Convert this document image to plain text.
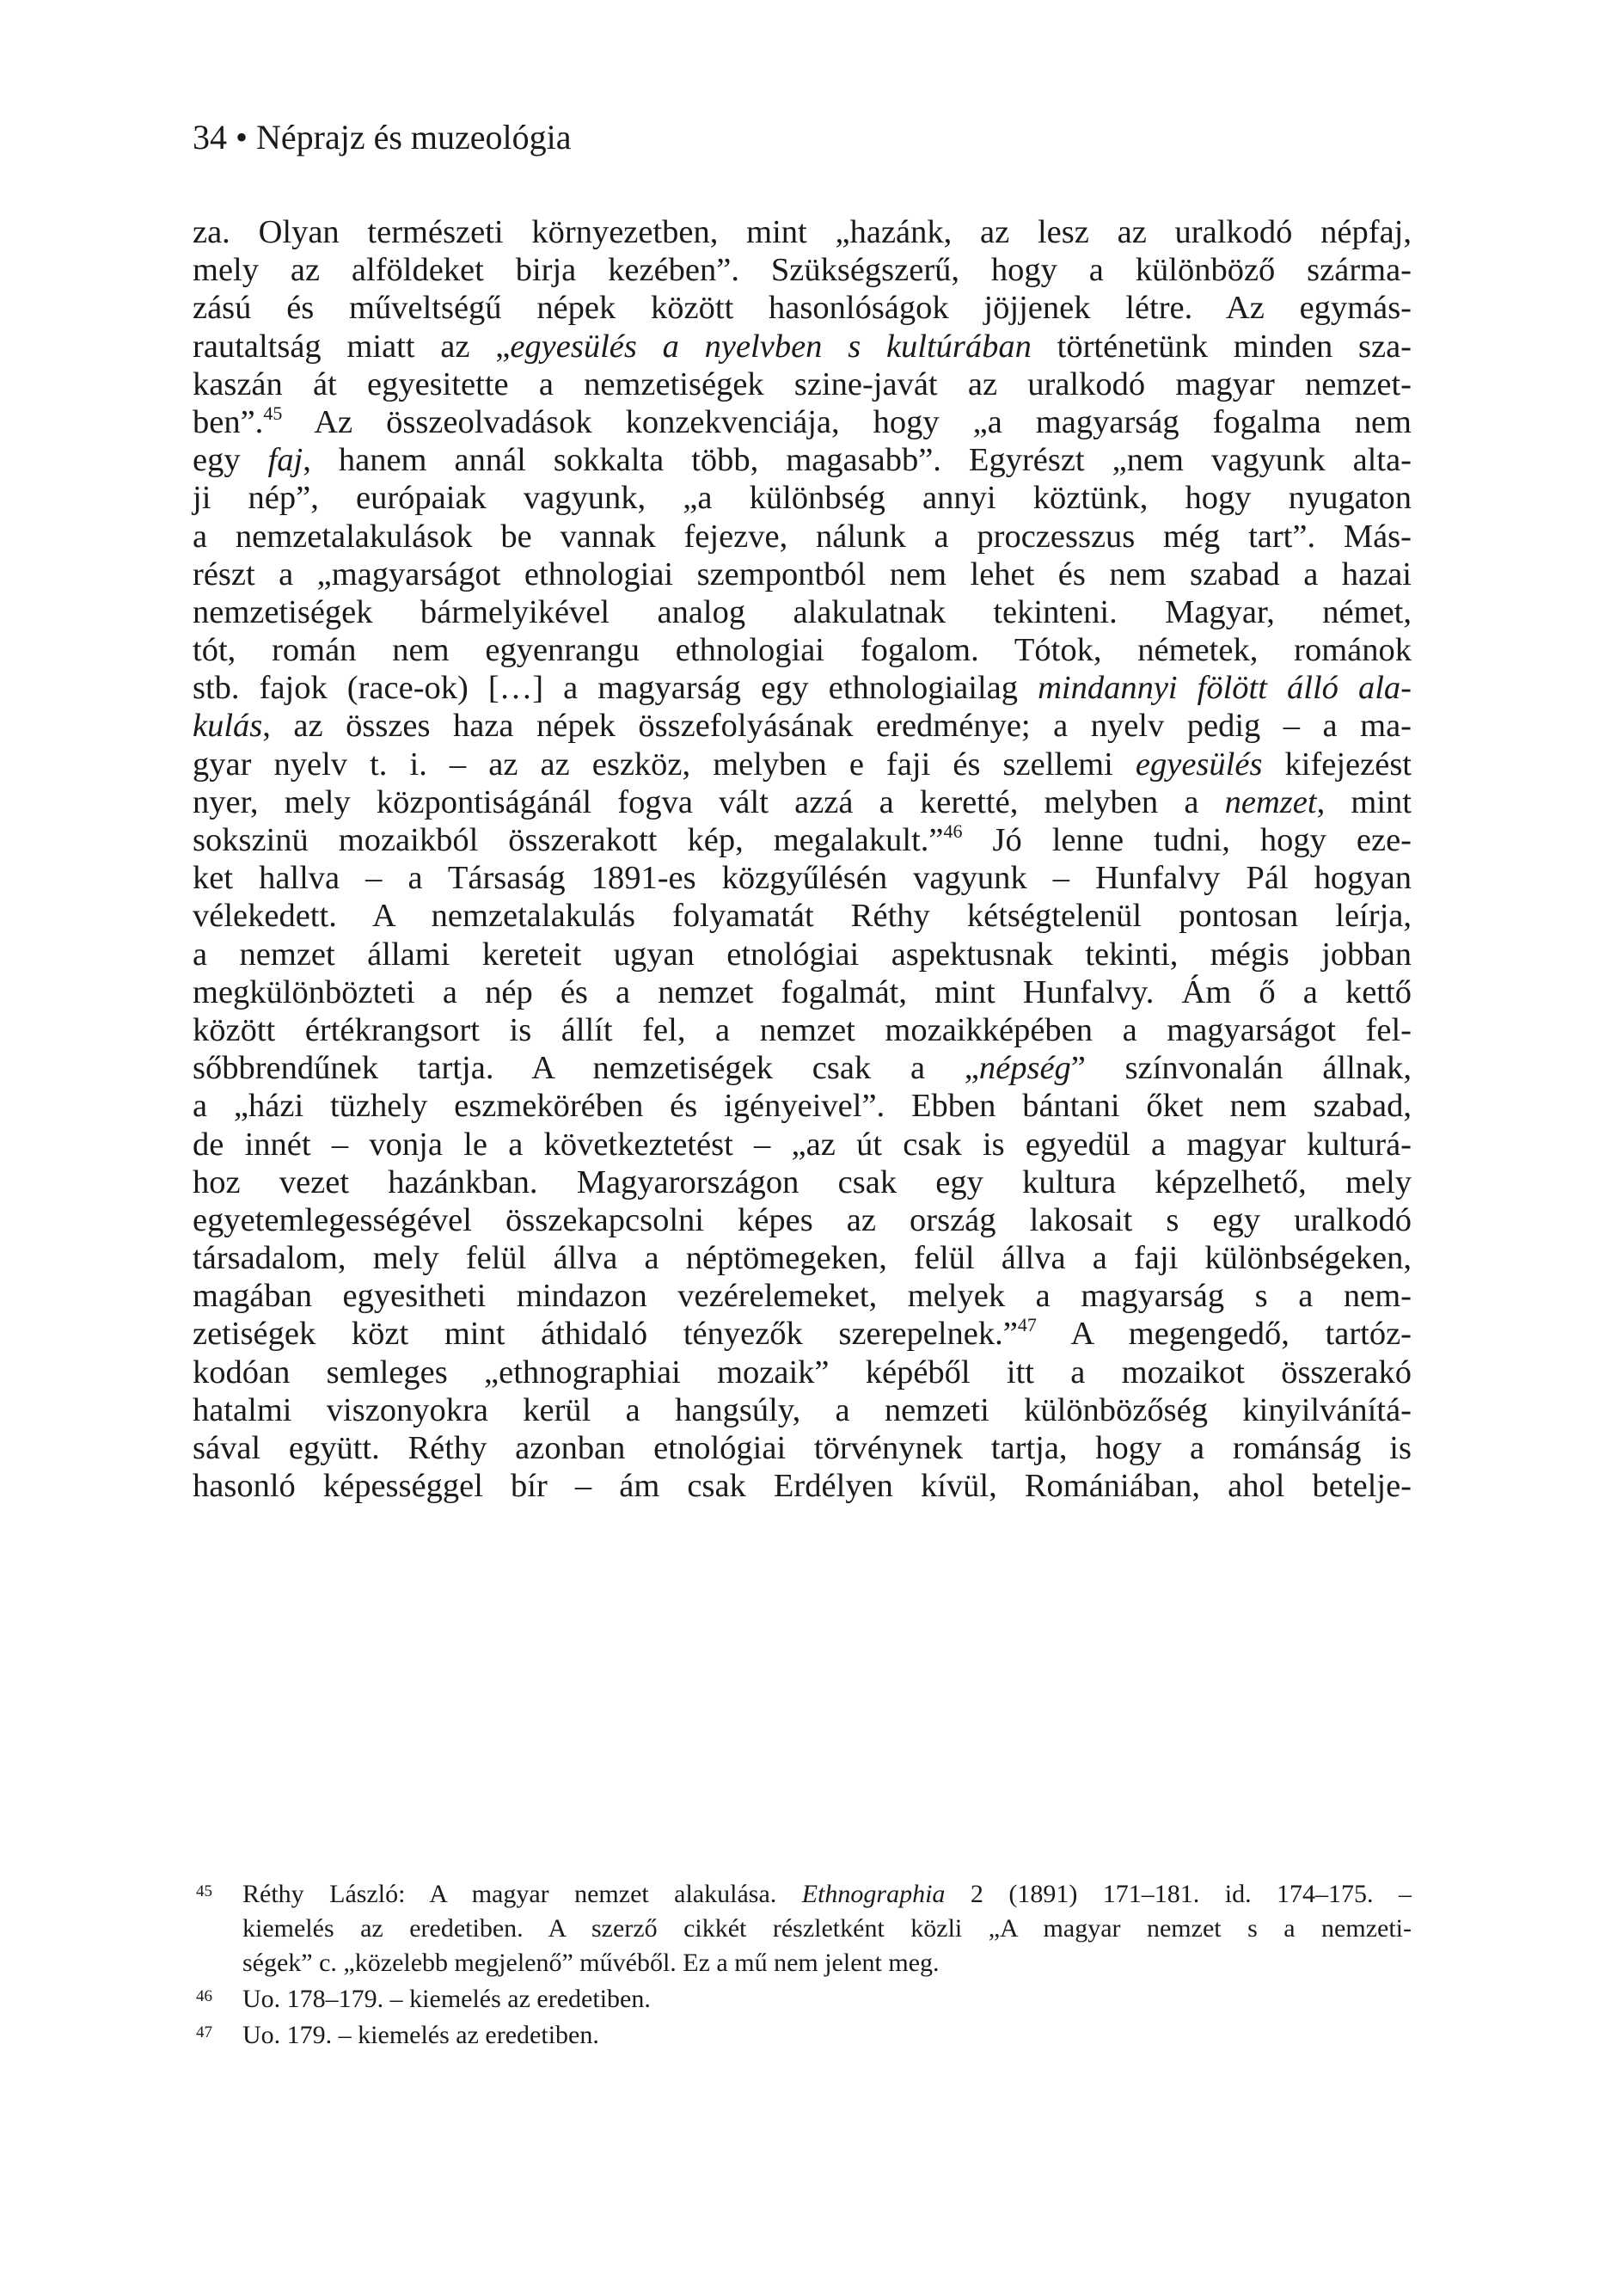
34 • Néprajz és muzeológia
za. Olyan természeti környezetben, mint „hazánk, az lesz az uralkodó népfaj,
mely az alföldeket birja kezében”. Szükségszerű, hogy a különböző szárma-
zású és műveltségű népek között hasonlóságok jöjjenek létre. Az egymás-
rautaltság miatt az „egyesülés a nyelvben s kultúrában történetünk minden sza-
kaszán át egyesitette a nemzetiségek szine-javát az uralkodó magyar nemzet-
ben”.$^{45}$ Az összeolvadások konzekvenciája, hogy „a magyarság fogalma nem
egy faj, hanem annál sokkalta több, magasabb”. Egyrészt „nem vagyunk alta-
ji nép”, európaiak vagyunk, „a különbség annyi köztünk, hogy nyugaton
a nemzetalakulások be vannak fejezve, nálunk a proczesszus még tart”. Más-
részt a „magyarságot ethnologiai szempontból nem lehet és nem szabad a hazai
nemzetiségek bármelyikével analog alakulatnak tekinteni. Magyar, német,
tót, román nem egyenrangu ethnologiai fogalom. Tótok, németek, románok
stb. fajok (race-ok) […] a magyarság egy ethnologiailag mindannyi fölött álló ala-
kulás, az összes haza népek összefolyásának eredménye; a nyelv pedig – a ma-
gyar nyelv t. i. – az az eszköz, melyben e faji és szellemi egyesülés kifejezést
nyer, mely központiságánál fogva vált azzá a keretté, melyben a nemzet, mint
sokszinü mozaikból összerakott kép, megalakult.”$^{46}$ Jó lenne tudni, hogy eze-
ket hallva – a Társaság 1891-es közgyűlésén vagyunk – Hunfalvy Pál hogyan
vélekedett. A nemzetalakulás folyamatát Réthy kétségtelenül pontosan leírja,
a nemzet állami kereteit ugyan etnológiai aspektusnak tekinti, mégis jobban
megkülönbözteti a nép és a nemzet fogalmát, mint Hunfalvy. Ám ő a kettő
között értékrangsort is állít fel, a nemzet mozaikképében a magyarságot fel-
sőbbrendűnek tartja. A nemzetiségek csak a „népség” színvonalán állnak,
a „házi tüzhely eszmekörében és igényeivel”. Ebben bántani őket nem szabad,
de innét – vonja le a következtetést – „az út csak is egyedül a magyar kulturá-
hoz vezet hazánkban. Magyarországon csak egy kultura képzelhető, mely
egyetemlegességével összekapcsolni képes az ország lakosait s egy uralkodó
társadalom, mely felül állva a néptömegeken, felül állva a faji különbségeken,
magában egyesitheti mindazon vezérelemeket, melyek a magyarság s a nem-
zetiségek közt mint áthidaló tényezők szerepelnek.”$^{47}$ A megengedő, tartóz-
kodóan semleges „ethnographiai mozaik” képéből itt a mozaikot összerakó
hatalmi viszonyokra kerül a hangsúly, a nemzeti különbözőség kinyilvánítá-
sával együtt. Réthy azonban etnológiai törvénynek tartja, hogy a románság is
hasonló képességgel bír – ám csak Erdélyen kívül, Romániában, ahol betelje-
45 Réthy László: A magyar nemzet alakulása. Ethnographia 2 (1891) 171–181. id. 174–175. –
kiemelés az eredetiben. A szerző cikkét részletként közli „A magyar nemzet s a nemzeti-
ségek” c. „közelebb megjelenő” művéből. Ez a mű nem jelent meg.
46 Uo. 178–179. – kiemelés az eredetiben.
47 Uo. 179. – kiemelés az eredetiben.
